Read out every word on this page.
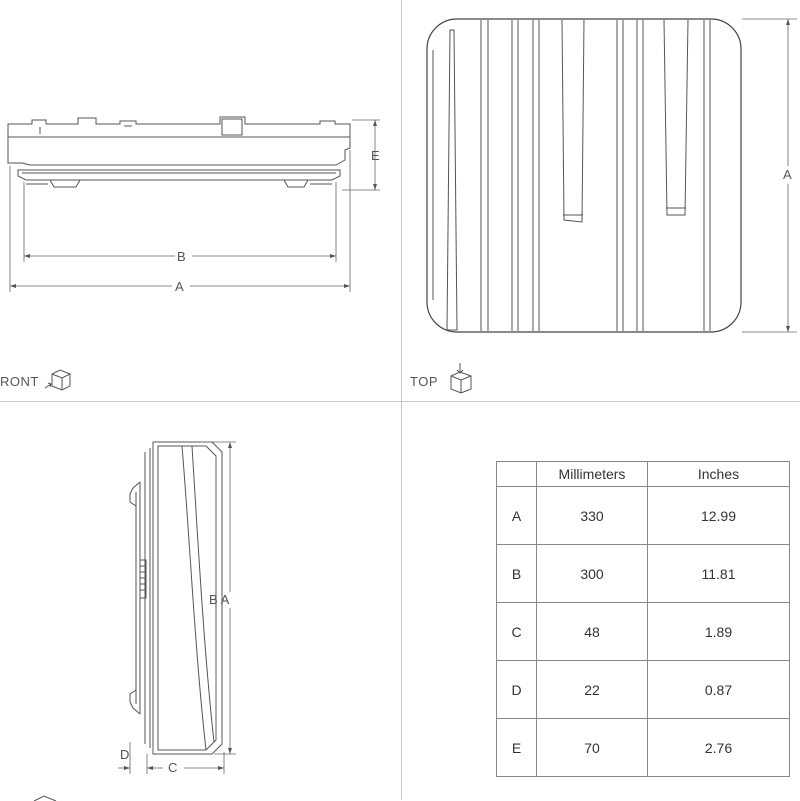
B
A
E
RONT
A
TOP
B A
D
C
	Millimeters	Inches
A	330	12.99
B	300	11.81
C	48	1.89
D	22	0.87
E	70	2.76
